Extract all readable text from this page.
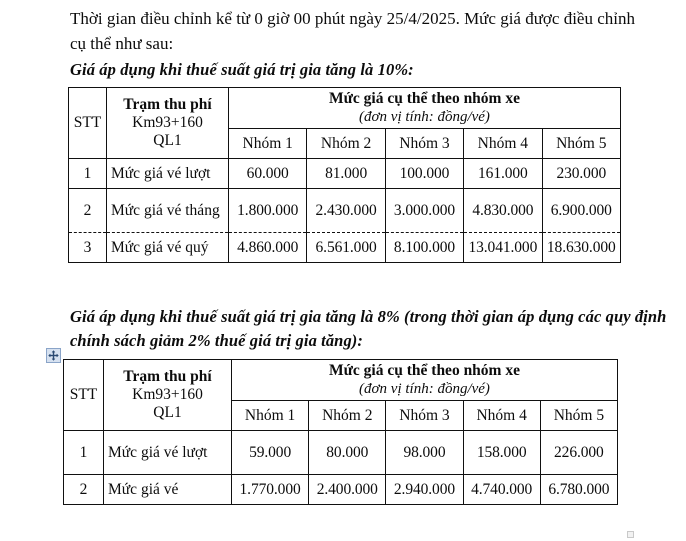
Thời gian điều chỉnh kể từ 0 giờ 00 phút ngày 25/4/2025. Mức giá được điều chỉnh
cụ thể như sau:
Giá áp dụng khi thuế suất giá trị gia tăng là 10%:
STT	Trạm thu phí
Km93+160
QL1	Mức giá cụ thể theo nhóm xe
(đơn vị tính: đồng/vé)				

		Nhóm 1	Nhóm 2	Nhóm 3	Nhóm 4	Nhóm 5
1	Mức giá vé lượt	60.000	81.000	100.000	161.000	230.000
2	Mức giá vé tháng	1.800.000	2.430.000	3.000.000	4.830.000	6.900.000
3	Mức giá vé quý	4.860.000	6.561.000	8.100.000	13.041.000	18.630.000
Giá áp dụng khi thuế suất giá trị gia tăng là 8% (trong thời gian áp dụng các quy định chính sách giảm 2% thuế giá trị gia tăng):
STT	Trạm thu phí
Km93+160
QL1	Mức giá cụ thể theo nhóm xe
(đơn vị tính: đồng/vé)				

		Nhóm 1	Nhóm 2	Nhóm 3	Nhóm 4	Nhóm 5
1	Mức giá vé lượt	59.000	80.000	98.000	158.000	226.000
2	Mức giá vé	1.770.000	2.400.000	2.940.000	4.740.000	6.780.000
